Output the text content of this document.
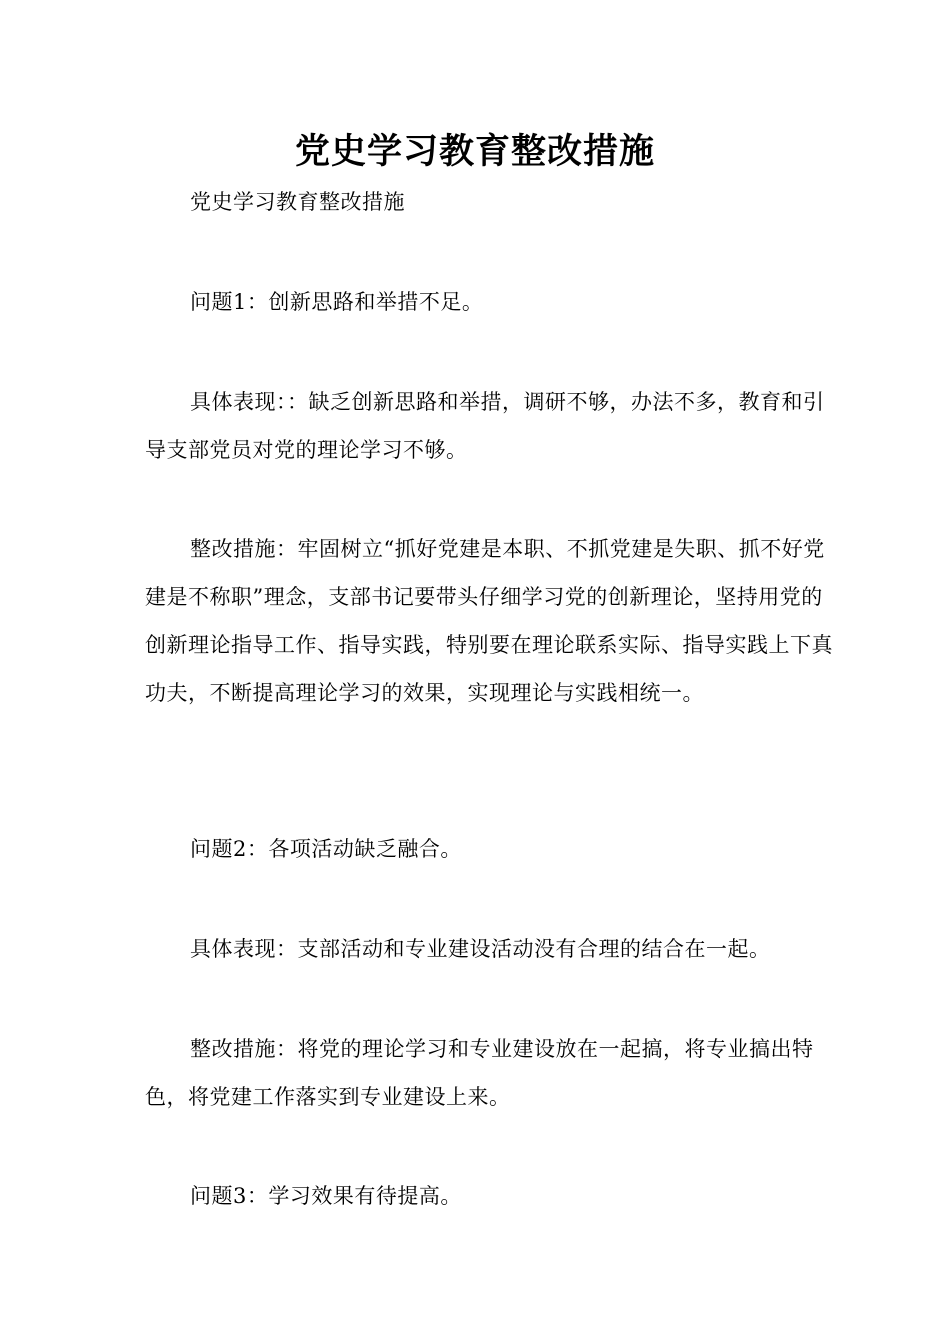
党史学习教育整改措施

党史学习教育整改措施

问题1：创新思路和举措不足。

具体表现：：缺乏创新思路和举措，调研不够，办法不多，教育和引导支部党员对党的理论学习不够。

整改措施：牢固树立“抓好党建是本职、不抓党建是失职、抓不好党建是不称职”理念，支部书记要带头仔细学习党的创新理论，坚持用党的创新理论指导工作、指导实践，特别要在理论联系实际、指导实践上下真功夫，不断提高理论学习的效果，实现理论与实践相统一。

问题2：各项活动缺乏融合。

具体表现：支部活动和专业建设活动没有合理的结合在一起。

整改措施：将党的理论学习和专业建设放在一起搞，将专业搞出特色，将党建工作落实到专业建设上来。

问题3：学习效果有待提高。
